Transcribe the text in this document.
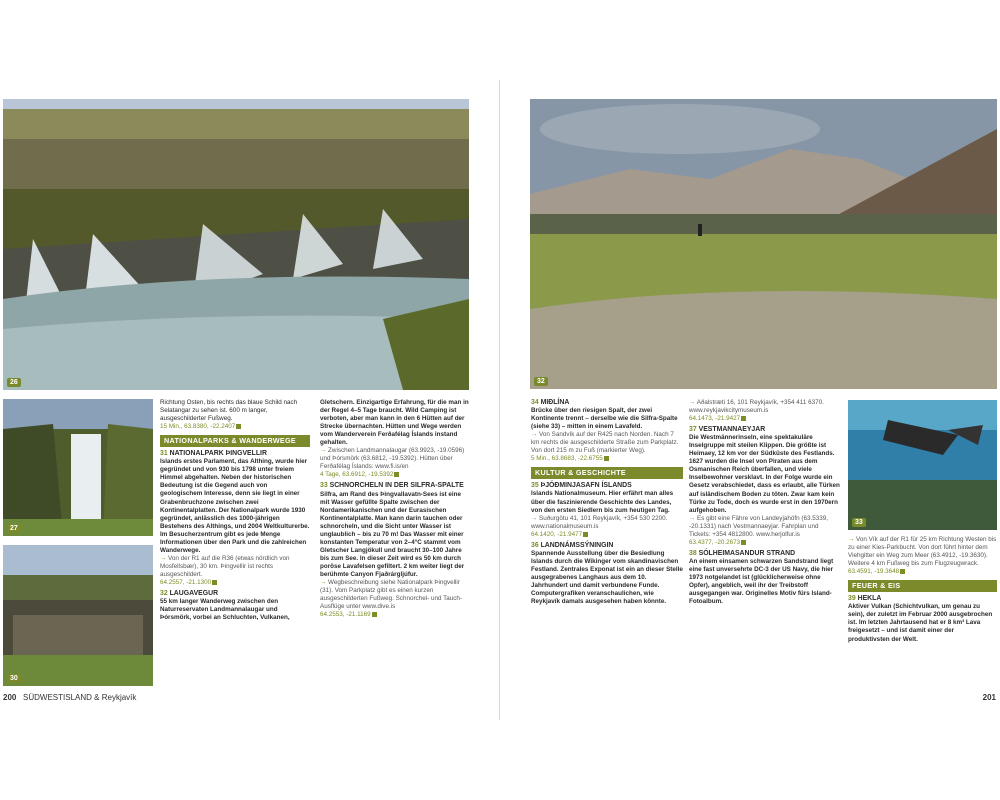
26
27
30
32
33

Richtung Osten, bis rechts das blaue Schild nach Selatangar zu sehen ist. 600 m langer, ausgeschilderter Fußweg.

15 Min., 63.8380, -22.2407

NATIONALPARKS & WANDERWEGE
31 NATIONALPARK ÞINGVELLIR

Islands erstes Parlament, das Althing, wurde hier gegründet und von 930 bis 1798 unter freiem Himmel abgehalten. Neben der historischen Bedeutung ist die Gegend auch von geologischem Interesse, denn sie liegt in einer Grabenbruchzone zwischen zwei Kontinentalplatten. Der Nationalpark wurde 1930 gegründet, anlässlich des 1000-jährigen Bestehens des Althings, und 2004 Weltkulturerbe. Im Besucherzentrum gibt es jede Menge Informationen über den Park und die zahlreichen Wanderwege.

→ Von der R1 auf die R36 (etwas nördlich von Mosfellsbær), 30 km. Þingvellir ist rechts ausgeschildert.

64.2557, -21.1300

32 LAUGAVEGUR

55 km langer Wanderweg zwischen den Naturreservaten Landmannalaugar und Þórsmörk, vorbei an Schluchten, Vulkanen,

Gletschern. Einzigartige Erfahrung, für die man in der Regel 4–5 Tage braucht. Wild Camping ist verboten, aber man kann in den 6 Hütten auf der Strecke übernachten. Hütten und Wege werden vom Wanderverein Ferðafélag Íslands instand gehalten.

→ Zwischen Landmannalaugar (63.9923, -19.0596) und Þórsmörk (63.6812, -19.5392). Hütten über Ferðafélag Íslands: www.fi.is/en

4 Tage, 63.6912, -19.5392

33 SCHNORCHELN IN DER SILFRA-SPALTE

Silfra, am Rand des Þingvallavatn-Sees ist eine mit Wasser gefüllte Spalte zwischen der Nordamerikanischen und der Eurasischen Kontinentalplatte. Man kann darin tauchen oder schnorcheln, und die Sicht unter Wasser ist unglaublich – bis zu 70 m! Das Wasser mit einer konstanten Temperatur von 2–4°C stammt vom Gletscher Langjökull und braucht 30–100 Jahre bis zum See. In dieser Zeit wird es 50 km durch poröse Lavafelsen gefiltert. 2 km weiter liegt der berühmte Canyon Fjaðrárgljúfur.

→ Wegbeschreibung siehe Nationalpark Þingvellir (31). Vom Parkplatz gibt es einen kurzen ausgeschilderten Fußweg. Schnorchel- und Tauch-Ausflüge unter www.dive.is

64.2553, -21.1169

34 MIÐLÍNA

Brücke über den riesigen Spalt, der zwei Kontinente trennt – derselbe wie die Silfra-Spalte (siehe 33) – mitten in einem Lavafeld.

→ Von Sandvík auf der R425 nach Norden. Nach 7 km rechts die ausgeschilderte Straße zum Parkplatz. Von dort 215 m zu Fuß (markierter Weg).

5 Min., 63.8683, -22.6755

KULTUR & GESCHICHTE
35 ÞJÓÐMINJASAFN ÍSLANDS

Islands Nationalmuseum. Hier erfährt man alles über die faszinierende Geschichte des Landes, von den ersten Siedlern bis zum heutigen Tag.

→ Suðurgötu 41, 101 Reykjavík, +354 530 2200. www.nationalmuseum.is

64.1420, -21.9477

36 LANDNÁMSSÝNINGIN

Spannende Ausstellung über die Besiedlung Islands durch die Wikinger vom skandinavischen Festland. Zentrales Exponat ist ein an dieser Stelle ausgegrabenes Langhaus aus dem 10. Jahrhundert und damit verbundene Funde. Computergrafiken veranschaulichen, wie Reykjavík damals ausgesehen haben könnte.

→ Aðalstræti 16, 101 Reykjavík, +354 411 6370. www.reykjavikcitymuseum.is

64.1473, -21.9427

37 VESTMANNAEYJAR

Die Westmännerinseln, eine spektakuläre Inselgruppe mit steilen Klippen. Die größte ist Heimaey, 12 km vor der Südküste des Festlands. 1627 wurden die Insel von Piraten aus dem Osmanischen Reich überfallen, und viele Inselbewohner versklavt. In der Folge wurde ein Gesetz verabschiedet, dass es erlaubt, alle Türken auf isländischem Boden zu töten. Zwar kam kein Türke zu Tode, doch es wurde erst in den 1970ern aufgehoben.

→ Es gibt eine Fähre von Landeyjahöfn (63.5339, -20.1331) nach Vestmannaeyjar. Fahrplan und Tickets: +354 4812800. www.herjolfur.is

63.4377, -20.2673

38 SÓLHEIMASANDUR STRAND

An einem einsamen schwarzen Sandstrand liegt eine fast unversehrte DC-3 der US Navy, die hier 1973 notgelandet ist (glücklicherweise ohne Opfer), angeblich, weil ihr der Treibstoff ausgegangen war. Originelles Motiv fürs Island-Fotoalbum.

→ Von Vík auf der R1 für 25 km Richtung Westen bis zu einer Kies-Parkbucht. Von dort führt hinter dem Viehgitter ein Weg zum Meer (63.4912, -19.3630). Weitere 4 km Fußweg bis zum Flugzeugwrack.

63.4591, -19.3648

FEUER & EIS
39 HEKLA

Aktiver Vulkan (Schichtvulkan, um genau zu sein), der zuletzt im Februar 2000 ausgebrochen ist. Im letzten Jahrtausend hat er 8 km³ Lava freigesetzt – und ist damit einer der produktivsten der Welt.

200 SÜDWESTISLAND & Reykjavík	201
